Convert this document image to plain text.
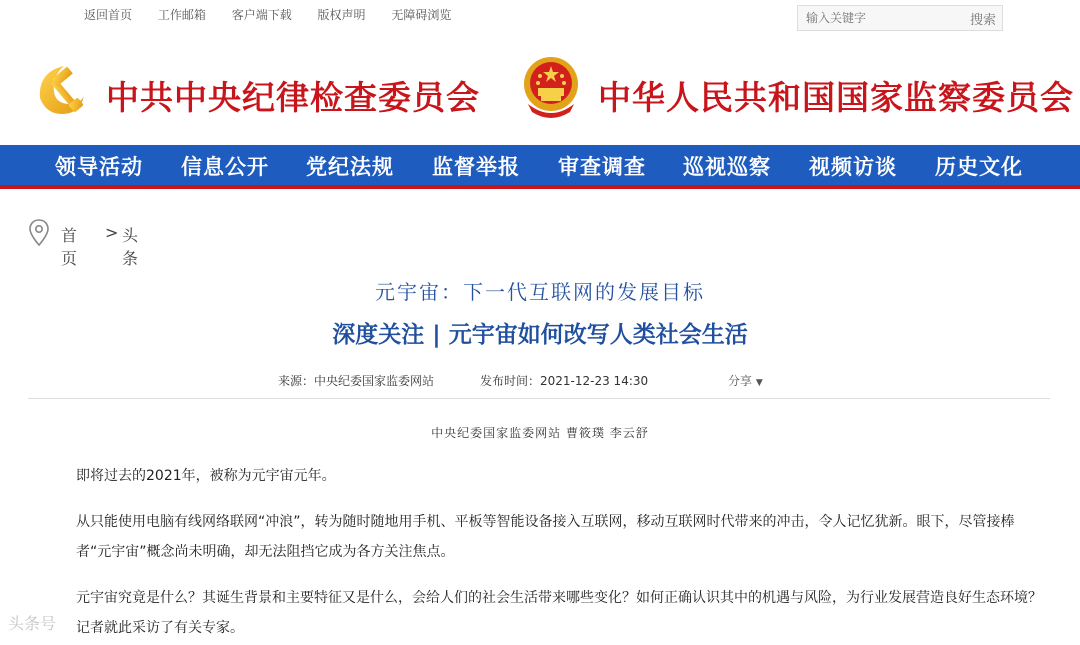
返回首页 工作邮箱 客户端下载 版权声明 无障碍浏览
输入关键字	搜索
中共中央纪律检查委员会	中华人民共和国国家监察委员会
领导活动 信息公开 党纪法规 监督举报 审查调查 巡视巡察 视频访谈 历史文化
首页
> 头条
元宇宙：下一代互联网的发展目标
深度关注 | 元宇宙如何改写人类社会生活
来源：中央纪委国家监委网站	发布时间：2021-12-23 14:30	分享 ▼
中央纪委国家监委网站 曹筱璞 李云舒
即将过去的2021年，被称为元宇宙元年。
从只能使用电脑有线网络联网“冲浪”，转为随时随地用手机、平板等智能设备接入互联网，移动互联网时代带来的冲击，令人记忆犹新。眼下，尽管接棒者“元宇宙”概念尚未明确，却无法阻挡它成为各方关注焦点。
元宇宙究竟是什么？其诞生背景和主要特征又是什么，会给人们的社会生活带来哪些变化？如何正确认识其中的机遇与风险，为行业发展营造良好生态环境？记者就此采访了有关专家。
头条号
